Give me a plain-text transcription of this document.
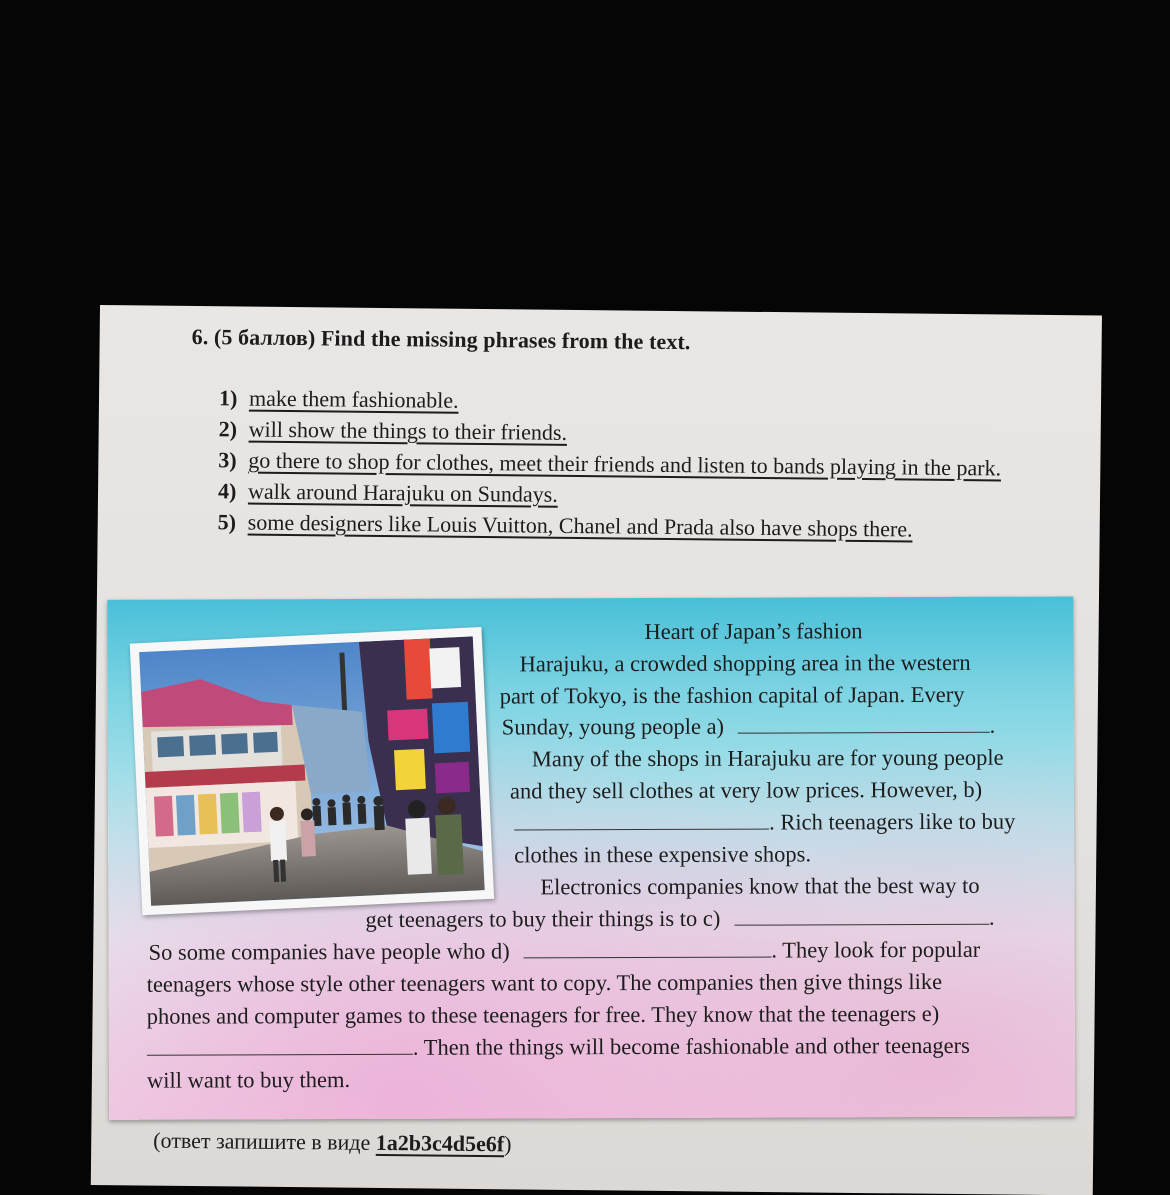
6. (5 баллов) Find the missing phrases from the text.
1) make them fashionable.
2) will show the things to their friends.
3) go there to shop for clothes, meet their friends and listen to bands playing in the park.
4) walk around Harajuku on Sundays.
5) some designers like Louis Vuitton, Chanel and Prada also have shops there.
Heart of Japan’s fashion
Harajuku, a crowded shopping area in the western
part of Tokyo, is the fashion capital of Japan. Every
Sunday, young people a)	.
Many of the shops in Harajuku are for young people
and they sell clothes at very low prices. However, b)
. Rich teenagers like to buy
clothes in these expensive shops.
Electronics companies know that the best way to
get teenagers to buy their things is to c)	.
So some companies have people who d)	. They look for popular
teenagers whose style other teenagers want to copy. The companies then give things like
phones and computer games to these teenagers for free. They know that the teenagers e)
. Then the things will become fashionable and other teenagers
will want to buy them.
(ответ запишите в виде 1a2b3c4d5e6f)
